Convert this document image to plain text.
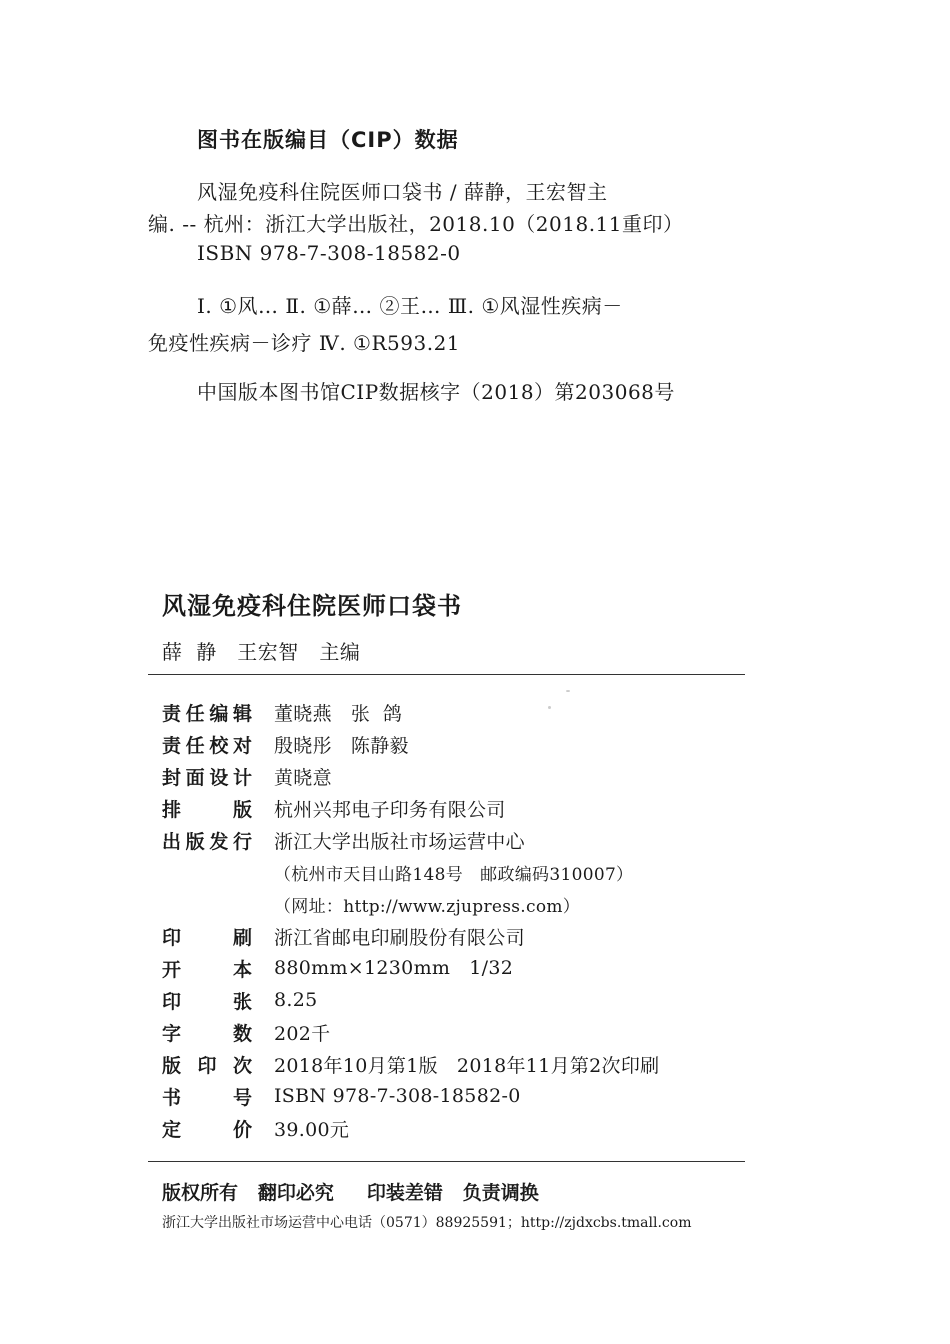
图书在版编目（CIP）数据
风湿免疫科住院医师口袋书 / 薛静，王宏智主
编. -- 杭州：浙江大学出版社，2018.10（2018.11重印）
ISBN 978-7-308-18582-0
Ⅰ. ①风… Ⅱ. ①薛… ②王… Ⅲ. ①风湿性疾病－
免疫性疾病－诊疗 Ⅳ. ①R593.21
中国版本图书馆CIP数据核字（2018）第203068号
风湿免疫科住院医师口袋书
薛  静   王宏智   主编
责 任 编 辑 董晓燕   张  鸽
责 任 校 对 殷晓彤   陈静毅
封 面 设 计 黄晓意
排	版 杭州兴邦电子印务有限公司
出 版 发 行 浙江大学出版社市场运营中心
（杭州市天目山路148号   邮政编码310007）
（网址：http://www.zjupress.com）
印	刷 浙江省邮电印刷股份有限公司
开	本 880mm×1230mm   1/32
印	张 8.25
字	数 202千
版 印 次 2018年10月第1版   2018年11月第2次印刷
书	号 ISBN 978-7-308-18582-0
定	价 39.00元
版权所有   翻印必究     印装差错   负责调换
浙江大学出版社市场运营中心电话（0571）88925591；http://zjdxcbs.tmall.com
